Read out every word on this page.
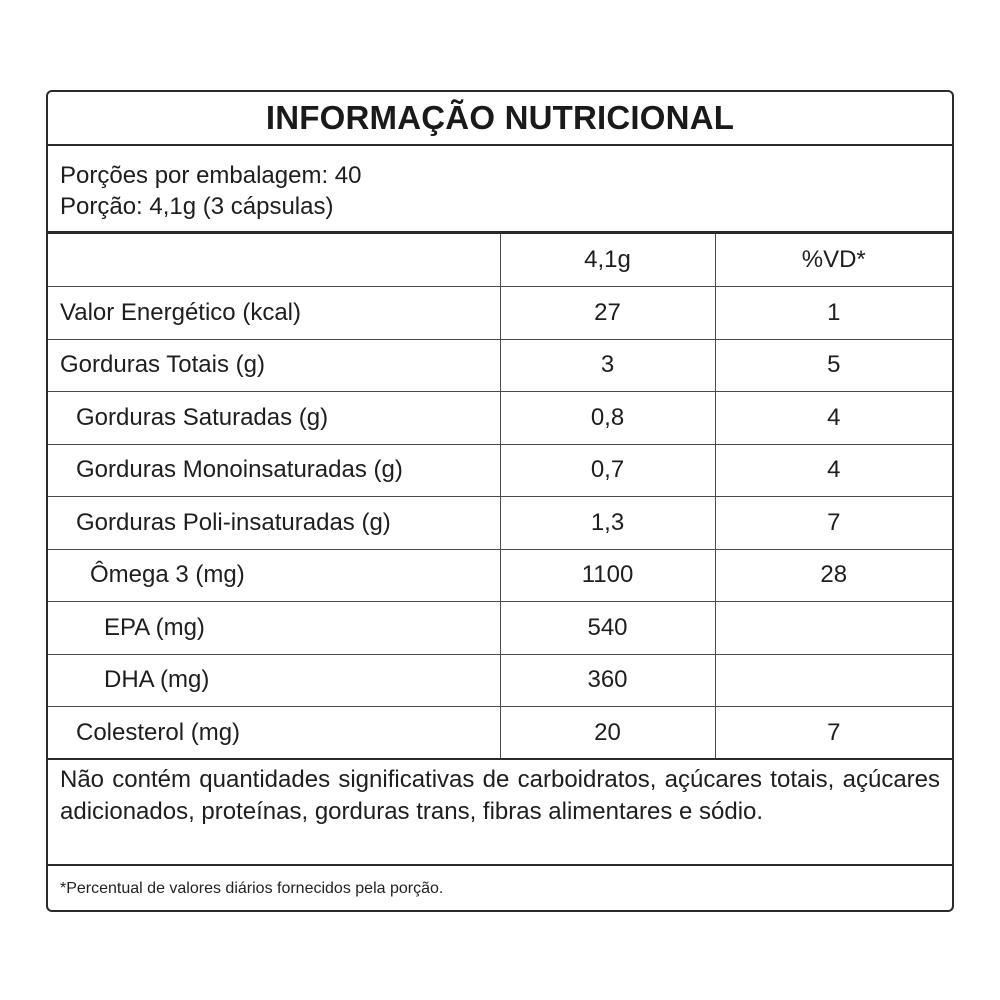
INFORMAÇÃO NUTRICIONAL
Porções por embalagem: 40
Porção: 4,1g (3 cápsulas)
	4,1g	%VD*
Valor Energético (kcal)	27	1
Gorduras Totais (g)	3	5
Gorduras Saturadas (g)	0,8	4
Gorduras Monoinsaturadas (g)	0,7	4
Gorduras Poli-insaturadas (g)	1,3	7
Ômega 3 (mg)	1100	28
EPA (mg)	540	
DHA (mg)	360	
Colesterol (mg)	20	7
Não contém quantidades significativas de carboidratos, açúcares totais, açúcares adicionados, proteínas, gorduras trans, fibras alimentares e sódio.
*Percentual de valores diários fornecidos pela porção.
